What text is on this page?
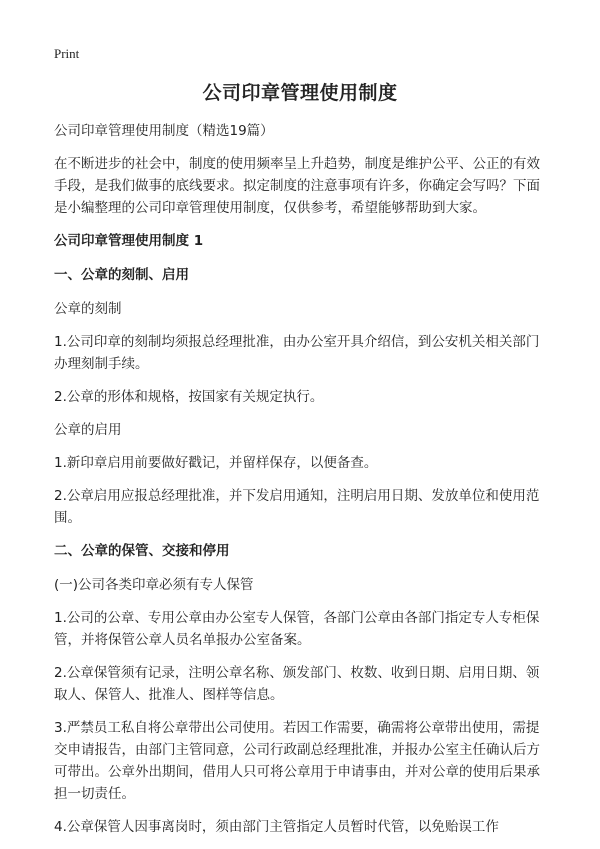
Print
公司印章管理使用制度

公司印章管理使用制度（精选19篇）

在不断进步的社会中，制度的使用频率呈上升趋势，制度是维护公平、公正的有效手段，是我们做事的底线要求。拟定制度的注意事项有许多，你确定会写吗？下面是小编整理的公司印章管理使用制度，仅供参考，希望能够帮助到大家。

公司印章管理使用制度 1

一、公章的刻制、启用

公章的刻制

1.公司印章的刻制均须报总经理批准，由办公室开具介绍信，到公安机关相关部门办理刻制手续。

2.公章的形体和规格，按国家有关规定执行。

公章的启用

1.新印章启用前要做好戳记，并留样保存，以便备查。

2.公章启用应报总经理批准，并下发启用通知，注明启用日期、发放单位和使用范围。

二、公章的保管、交接和停用

(一)公司各类印章必须有专人保管

1.公司的公章、专用公章由办公室专人保管，各部门公章由各部门指定专人专柜保管，并将保管公章人员名单报办公室备案。

2.公章保管须有记录，注明公章名称、颁发部门、枚数、收到日期、启用日期、领取人、保管人、批准人、图样等信息。

3.严禁员工私自将公章带出公司使用。若因工作需要，确需将公章带出使用，需提交申请报告，由部门主管同意，公司行政副总经理批准，并报办公室主任确认后方可带出。公章外出期间，借用人只可将公章用于申请事由，并对公章的使用后果承担一切责任。

4.公章保管人因事离岗时，须由部门主管指定人员暂时代管，以免贻误工作
